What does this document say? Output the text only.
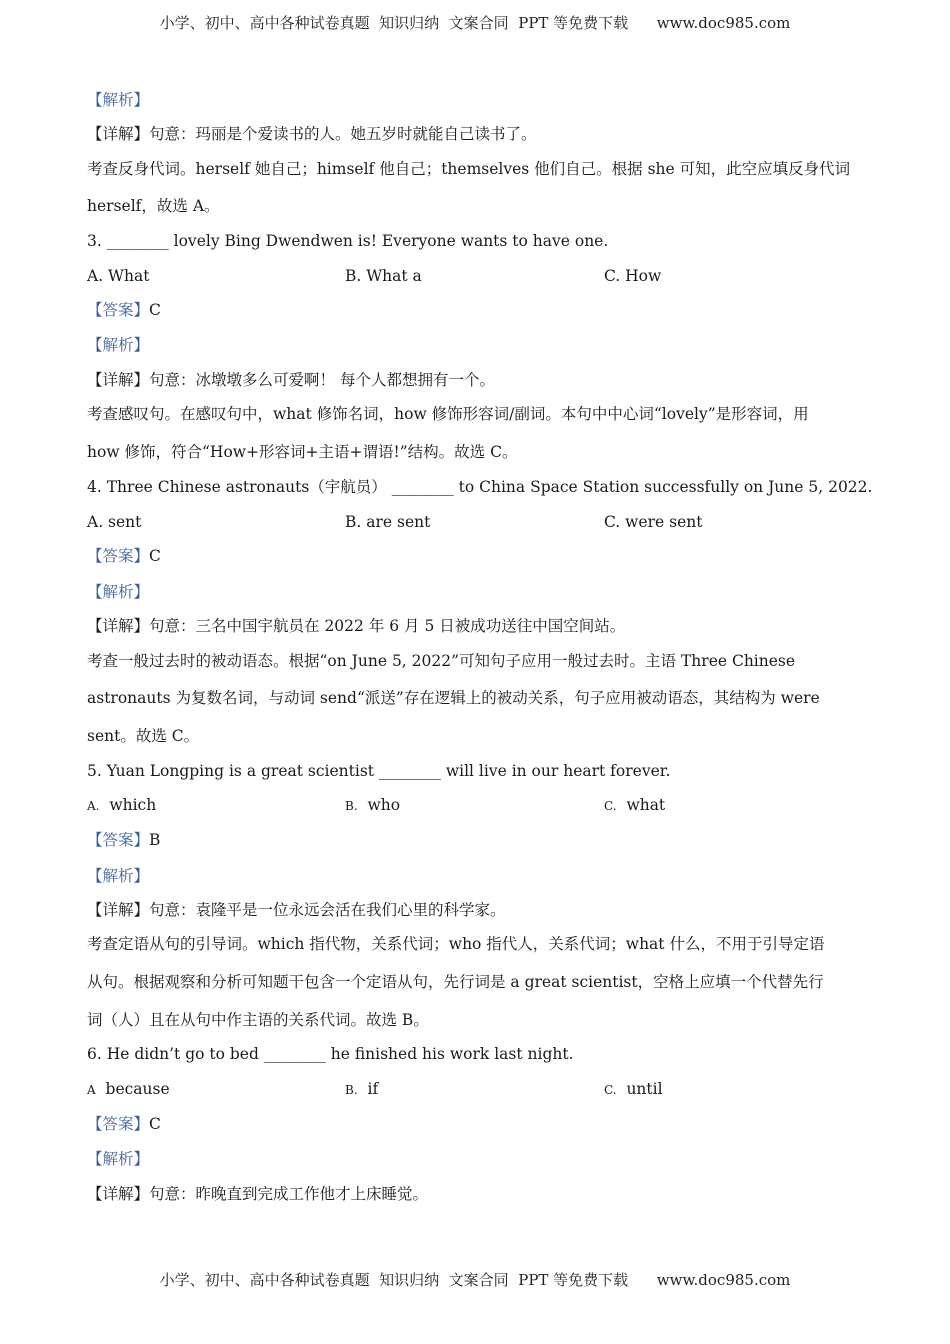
小学、初中、高中各种试卷真题  知识归纳  文案合同  PPT 等免费下载      www.doc985.com
【解析】
【详解】句意：玛丽是个爱读书的人。她五岁时就能自己读书了。
考查反身代词。herself 她自己；himself 他自己；themselves 他们自己。根据 she 可知，此空应填反身代词
herself，故选 A。
3. ________ lovely Bing Dwendwen is! Everyone wants to have one.
A. What	B. What a	C. How
【答案】C
【解析】
【详解】句意：冰墩墩多么可爱啊！ 每个人都想拥有一个。
考查感叹句。在感叹句中，what 修饰名词，how 修饰形容词/副词。本句中中心词“lovely”是形容词，用
how 修饰，符合“How+形容词+主语+谓语!”结构。故选 C。
4. Three Chinese astronauts（宇航员） ________ to China Space Station successfully on June 5, 2022.
A. sent	B. are sent	C. were sent
【答案】C
【解析】
【详解】句意：三名中国宇航员在 2022 年 6 月 5 日被成功送往中国空间站。
考查一般过去时的被动语态。根据“on June 5, 2022”可知句子应用一般过去时。主语 Three Chinese
astronauts 为复数名词，与动词 send“派送”存在逻辑上的被动关系，句子应用被动语态，其结构为 were
sent。故选 C。
5. Yuan Longping is a great scientist ________ will live in our heart forever.
A. which	B. who	C. what
【答案】B
【解析】
【详解】句意：袁隆平是一位永远会活在我们心里的科学家。
考查定语从句的引导词。which 指代物，关系代词；who 指代人，关系代词；what 什么，不用于引导定语
从句。根据观察和分析可知题干包含一个定语从句，先行词是 a great scientist，空格上应填一个代替先行
词（人）且在从句中作主语的关系代词。故选 B。
6. He didn’t go to bed ________ he finished his work last night.
A because	B. if	C. until
【答案】C
【解析】
【详解】句意：昨晚直到完成工作他才上床睡觉。
小学、初中、高中各种试卷真题  知识归纳  文案合同  PPT 等免费下载      www.doc985.com
